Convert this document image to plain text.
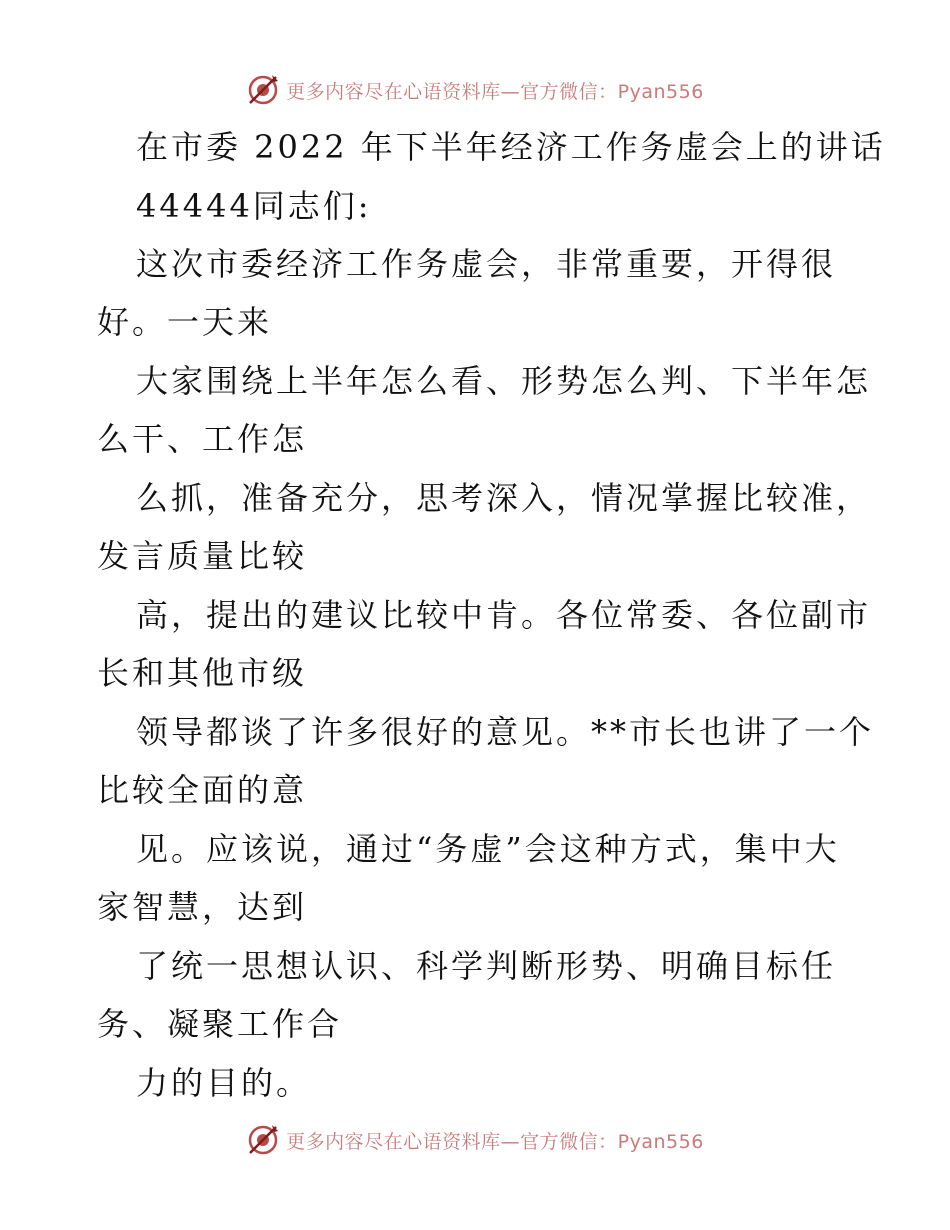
更多内容尽在心语资料库—官方微信：Pyan556
在市委 2022 年下半年经济工作务虚会上的讲话
44444同志们:
这次市委经济工作务虚会，非常重要，开得很
好。一天来
大家围绕上半年怎么看、形势怎么判、下半年怎
么干、工作怎
么抓，准备充分，思考深入，情况掌握比较准，
发言质量比较
高，提出的建议比较中肯。各位常委、各位副市
长和其他市级
领导都谈了许多很好的意见。**市长也讲了一个
比较全面的意
见。应该说，通过“务虚”会这种方式，集中大
家智慧，达到
了统一思想认识、科学判断形势、明确目标任
务、凝聚工作合
力的目的。
更多内容尽在心语资料库—官方微信：Pyan556
